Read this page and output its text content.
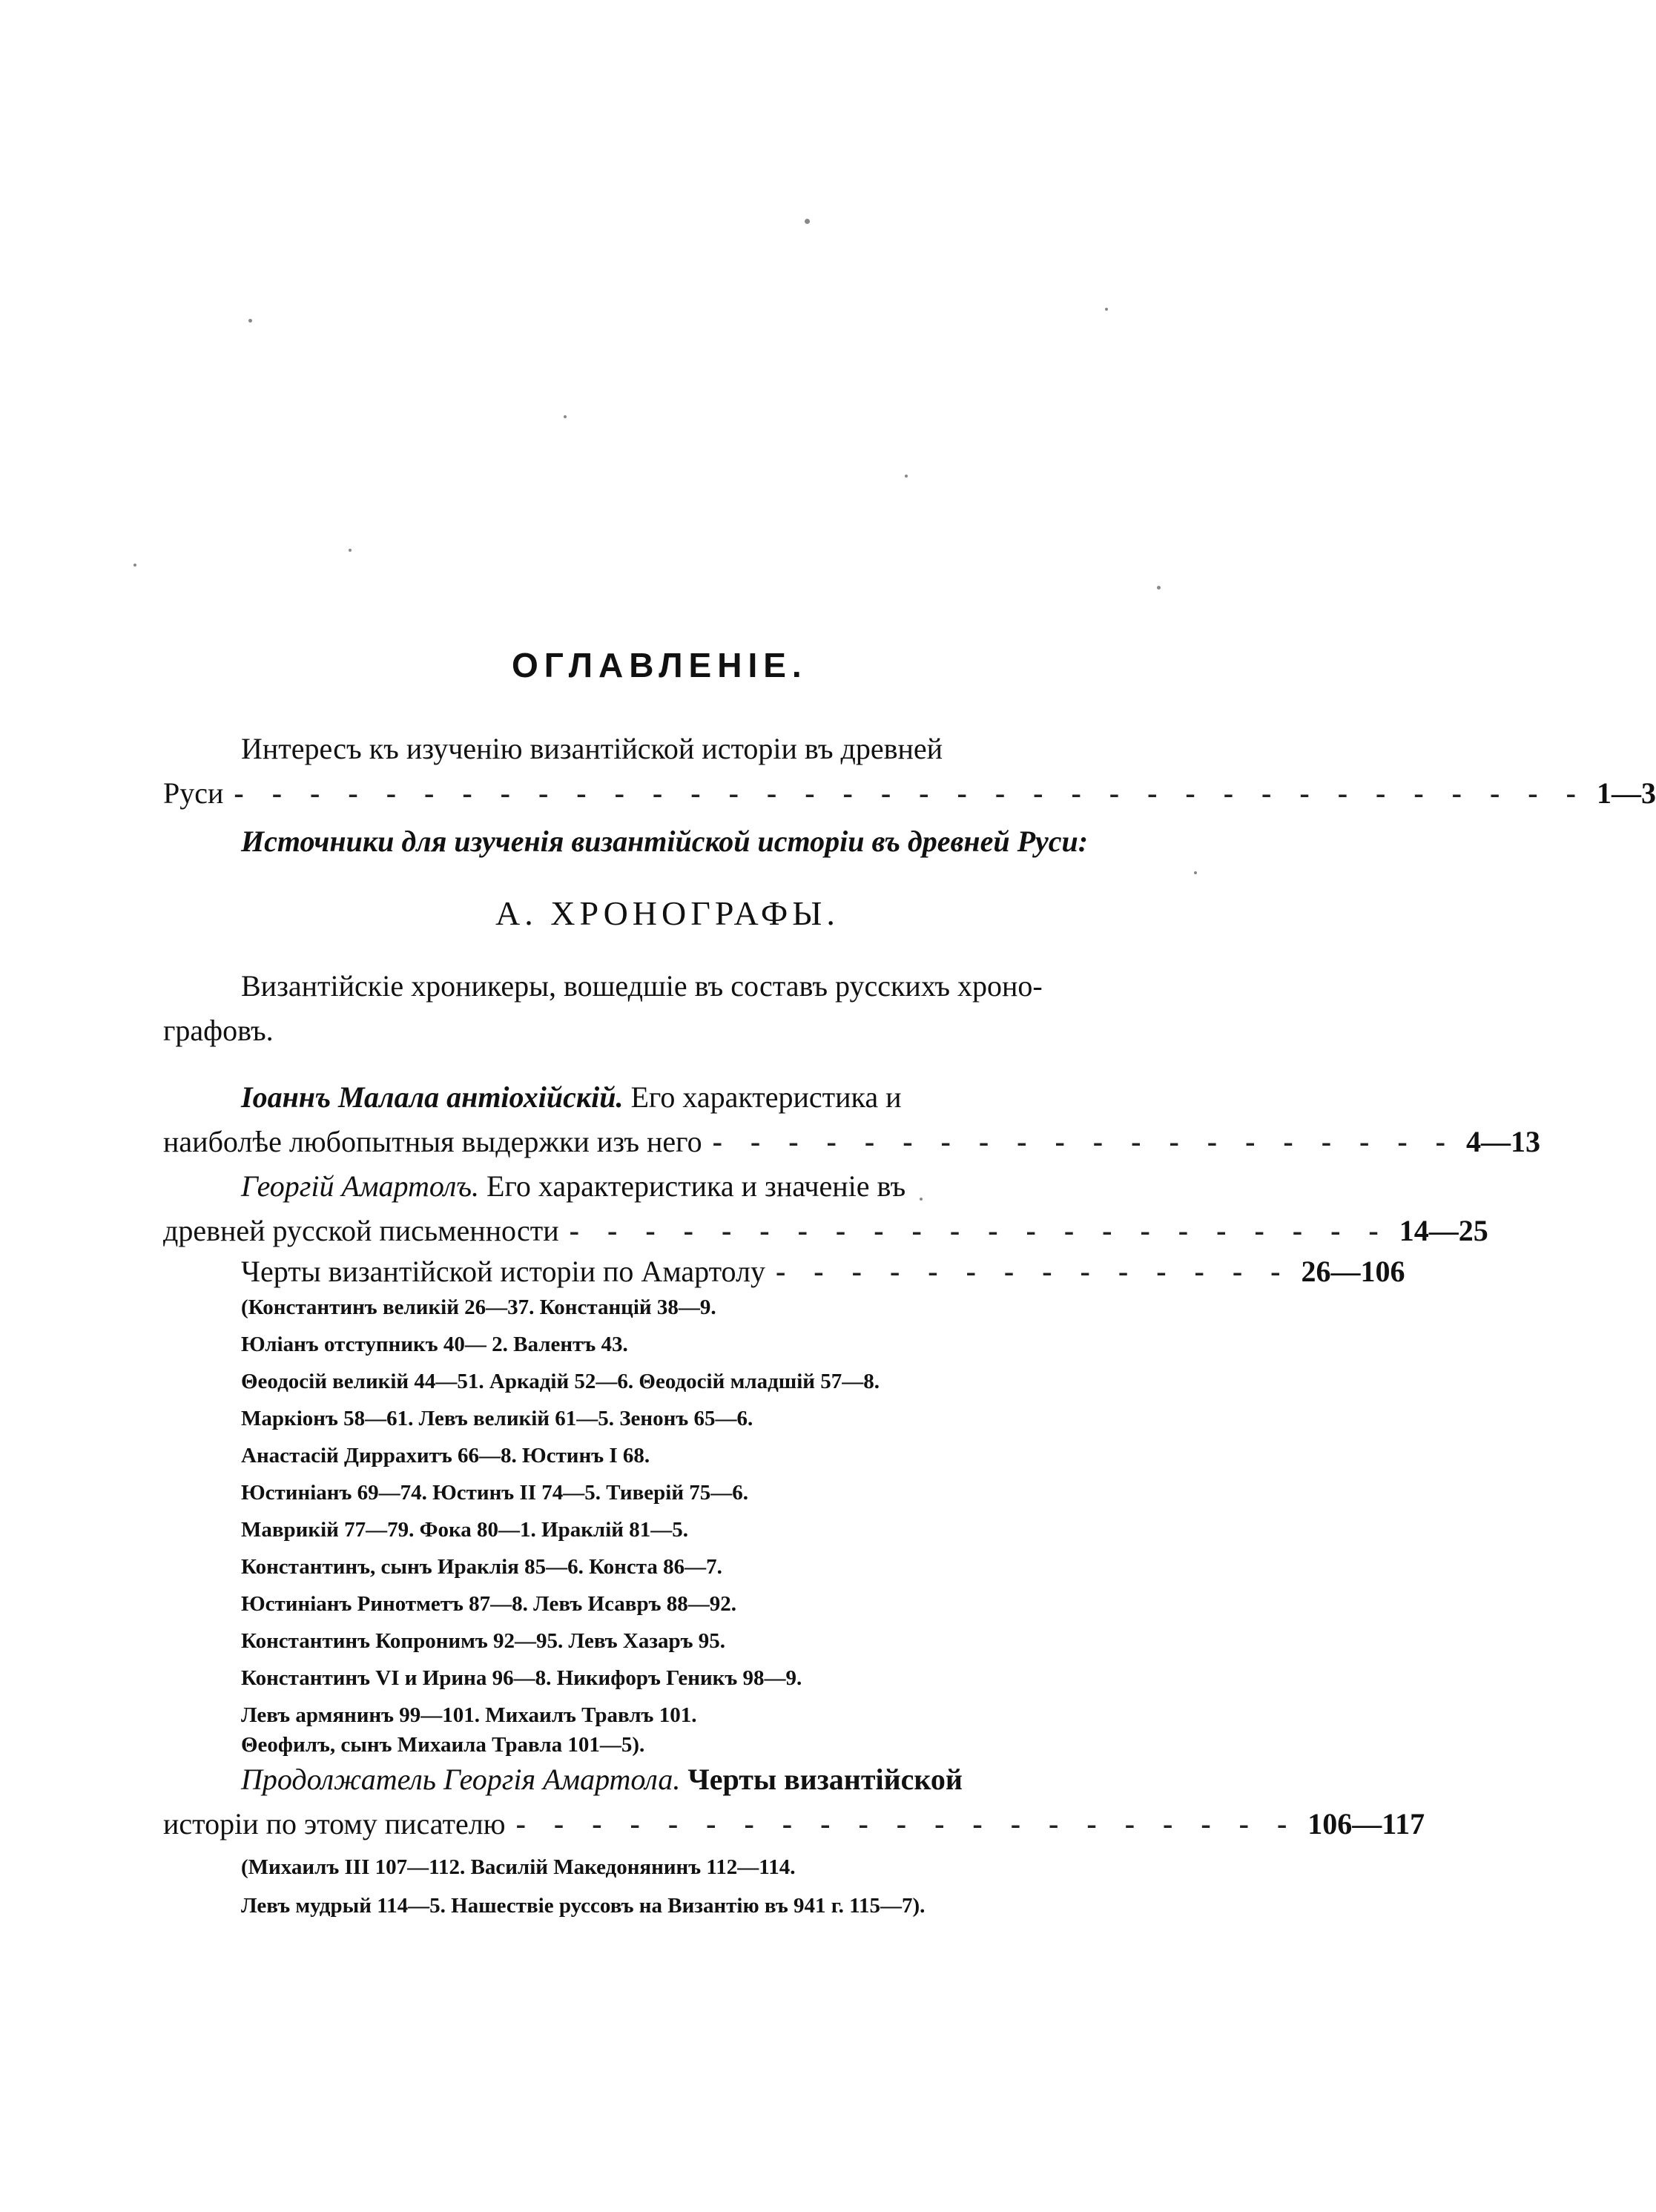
ОГЛАВЛЕНІЕ.
Интересъ къ изученію византійской исторіи въ древней
Руси - - - - - - - - - - - - - - - - - - - - - - - - - - - - - - - - - - - - 1—3
Источники для изученія византійской исторіи въ древней Руси:
А. ХРОНОГРАФЫ.
Византійскіе хроникеры, вошедшіе въ составъ русскихъ хроно-
графовъ.
Іоаннъ Малала антіохійскій. Его характеристика и
наиболѣе любопытныя выдержки изъ него - - - - - - - - - - - - - - - - - - - - 4—13
Георгій Амартолъ. Его характеристика и значеніе въ
древней русской письменности - - - - - - - - - - - - - - - - - - - - - - 14—25
Черты византійской исторіи по Амартолу - - - - - - - - - - - - - - 26—106
(Константинъ великій 26—37. Констанцій 38—9.
Юліанъ отступникъ 40— 2. Валентъ 43.
Θеодосій великій 44—51. Аркадій 52—6. Θеодосій младшій 57—8.
Маркіонъ 58—61. Левъ великій 61—5. Зенонъ 65—6.
Анастасій Диррахитъ 66—8. Юстинъ I 68.
Юстиніанъ 69—74. Юстинъ II 74—5. Тиверій 75—6.
Маврикій 77—79. Фока 80—1. Ираклій 81—5.
Константинъ, сынъ Ираклія 85—6. Конста 86—7.
Юстиніанъ Ринотметъ 87—8. Левъ Исавръ 88—92.
Константинъ Копронимъ 92—95. Левъ Хазаръ 95.
Константинъ VI и Ирина 96—8. Никифоръ Геникъ 98—9.
Левъ армянинъ 99—101. Михаилъ Травлъ 101.
Θеофилъ, сынъ Михаила Травла 101—5).
Продолжатель Георгія Амартола. Черты византійской
исторіи по этому писателю - - - - - - - - - - - - - - - - - - - - - 106—117
(Михаилъ III 107—112. Василій Македонянинъ 112—114.
Левъ мудрый 114—5. Нашествіе руссовъ на Византію въ 941 г. 115—7).
